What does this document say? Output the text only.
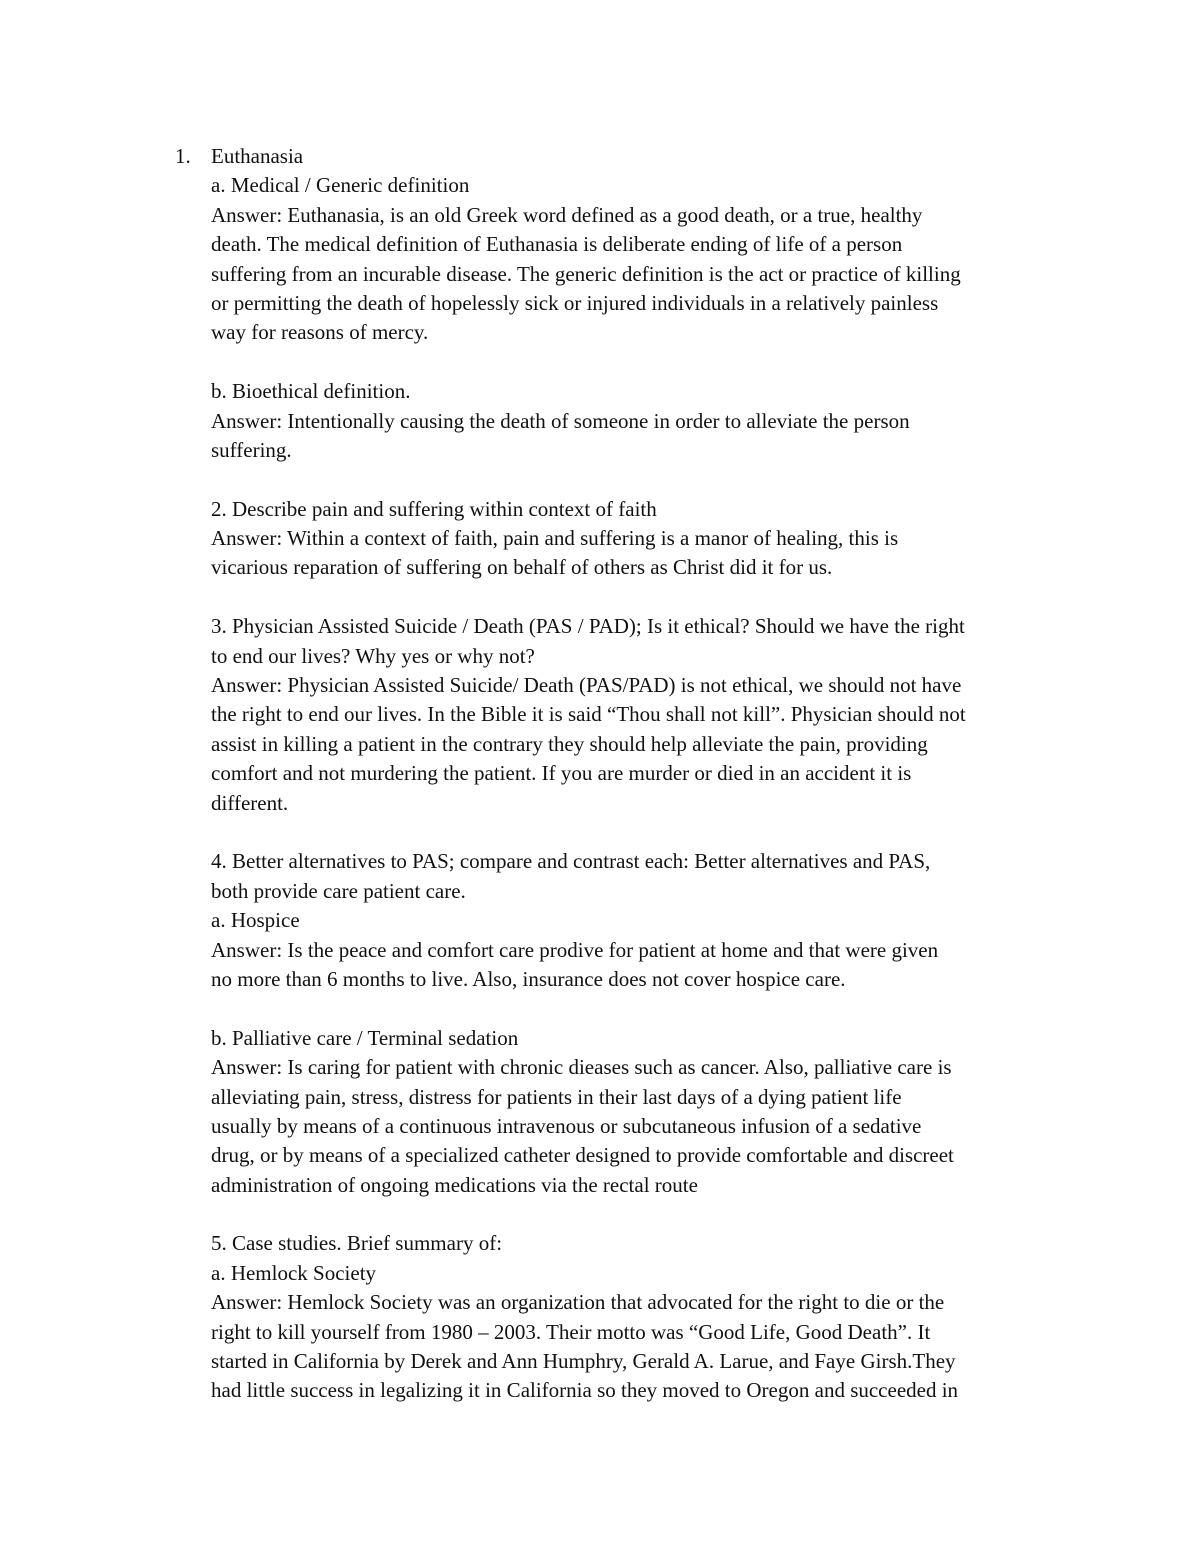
1. Euthanasia
a. Medical / Generic definition
Answer: Euthanasia, is an old Greek word defined as a good death, or a true, healthy
death. The medical definition of Euthanasia is deliberate ending of life of a person
suffering from an incurable disease. The generic definition is the act or practice of killing
or permitting the death of hopelessly sick or injured individuals in a relatively painless
way for reasons of mercy.
b. Bioethical definition.
Answer: Intentionally causing the death of someone in order to alleviate the person
suffering.
2. Describe pain and suffering within context of faith
Answer: Within a context of faith, pain and suffering is a manor of healing, this is
vicarious reparation of suffering on behalf of others as Christ did it for us.
3. Physician Assisted Suicide / Death (PAS / PAD); Is it ethical? Should we have the right
to end our lives? Why yes or why not?
Answer: Physician Assisted Suicide/ Death (PAS/PAD) is not ethical, we should not have
the right to end our lives. In the Bible it is said “Thou shall not kill”. Physician should not
assist in killing a patient in the contrary they should help alleviate the pain, providing
comfort and not murdering the patient. If you are murder or died in an accident it is
different.
4. Better alternatives to PAS; compare and contrast each: Better alternatives and PAS,
both provide care patient care.
a. Hospice
Answer: Is the peace and comfort care prodive for patient at home and that were given
no more than 6 months to live. Also, insurance does not cover hospice care.
b. Palliative care / Terminal sedation
Answer: Is caring for patient with chronic dieases such as cancer. Also, palliative care is
alleviating pain, stress, distress for patients in their last days of a dying patient life
usually by means of a continuous intravenous or subcutaneous infusion of a sedative
drug, or by means of a specialized catheter designed to provide comfortable and discreet
administration of ongoing medications via the rectal route
5. Case studies. Brief summary of:
a. Hemlock Society
Answer: Hemlock Society was an organization that advocated for the right to die or the
right to kill yourself from 1980 – 2003. Their motto was “Good Life, Good Death”. It
started in California by Derek and Ann Humphry, Gerald A. Larue, and Faye Girsh.They
had little success in legalizing it in California so they moved to Oregon and succeeded in
